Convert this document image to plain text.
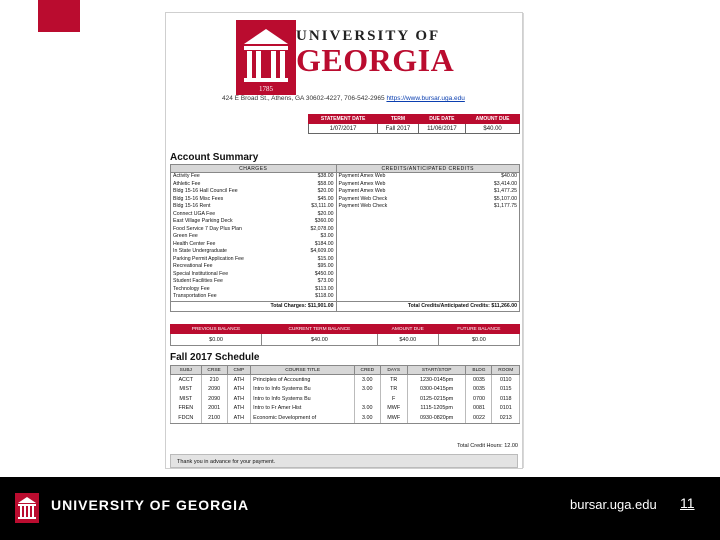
1785
UNIVERSITY OF
GEORGIA
424 E Broad St., Athens, GA 30602-4227, 706-542-2965 https://www.bursar.uga.edu
STATEMENT DATE	TERM	DUE DATE	AMOUNT DUE
1/07/2017	Fall 2017	11/06/2017	$40.00
Account Summary
CHARGES		CREDITS/ANTICIPATED CREDITS	
Activity Fee	$38.00	Payment Amex Web	$40.00
Athletic Fee	$58.00	Payment Amex Web	$3,414.00
Bldg 15-16 Hall Council Fee	$20.00	Payment Amex Web	$1,477.25
Bldg 15-16 Misc Fees	$45.00	Payment Web Check	$5,107.00
Bldg 15-16 Rent	$3,111.00	Payment Web Check	$1,177.75
Connect UGA Fee	$20.00		
East Village Parking Deck	$360.00		
Food Service 7 Day Plus Plan	$2,078.00		
Green Fee	$3.00		
Health Center Fee	$184.00		
In State Undergraduate	$4,609.00		
Parking Permit Application Fee	$15.00		
Recreational Fee	$95.00		
Special Institutional Fee	$450.00		
Student Facilities Fee	$73.00		
Technology Fee	$113.00		
Transportation Fee	$118.00		
Total Charges: $11,901.00		Total Credits/Anticipated Credits: $11,266.00	
PREVIOUS BALANCE	CURRENT TERM BALANCE	AMOUNT DUE	FUTURE BALANCE
$0.00	$40.00	$40.00	$0.00
Fall 2017 Schedule
SUBJ	CRSE	CMP	COURSE TITLE	CRED	DAYS	START/STOP	BLDG	ROOM
ACCT	210	ATH	Principles of Accounting	3.00	TR	1230-0145pm	0035	0110
MIST	2090	ATH	Intro to Info Systems Bu	3.00	TR	0300-0415pm	0035	0115
MIST	2090	ATH	Intro to Info Systems Bu		F	0125-0215pm	0700	0118
FREN	2001	ATH	Intro to Fr Amer Hist	3.00	MWF	1115-1205pm	0081	0101
FDCN	2100	ATH	Economic Development of	3.00	MWF	0930-0820pm	0022	0213
Total Credit Hours: 12.00
Thank you in advance for your payment.
UNIVERSITY OF GEORGIA	bursar.uga.edu 11
